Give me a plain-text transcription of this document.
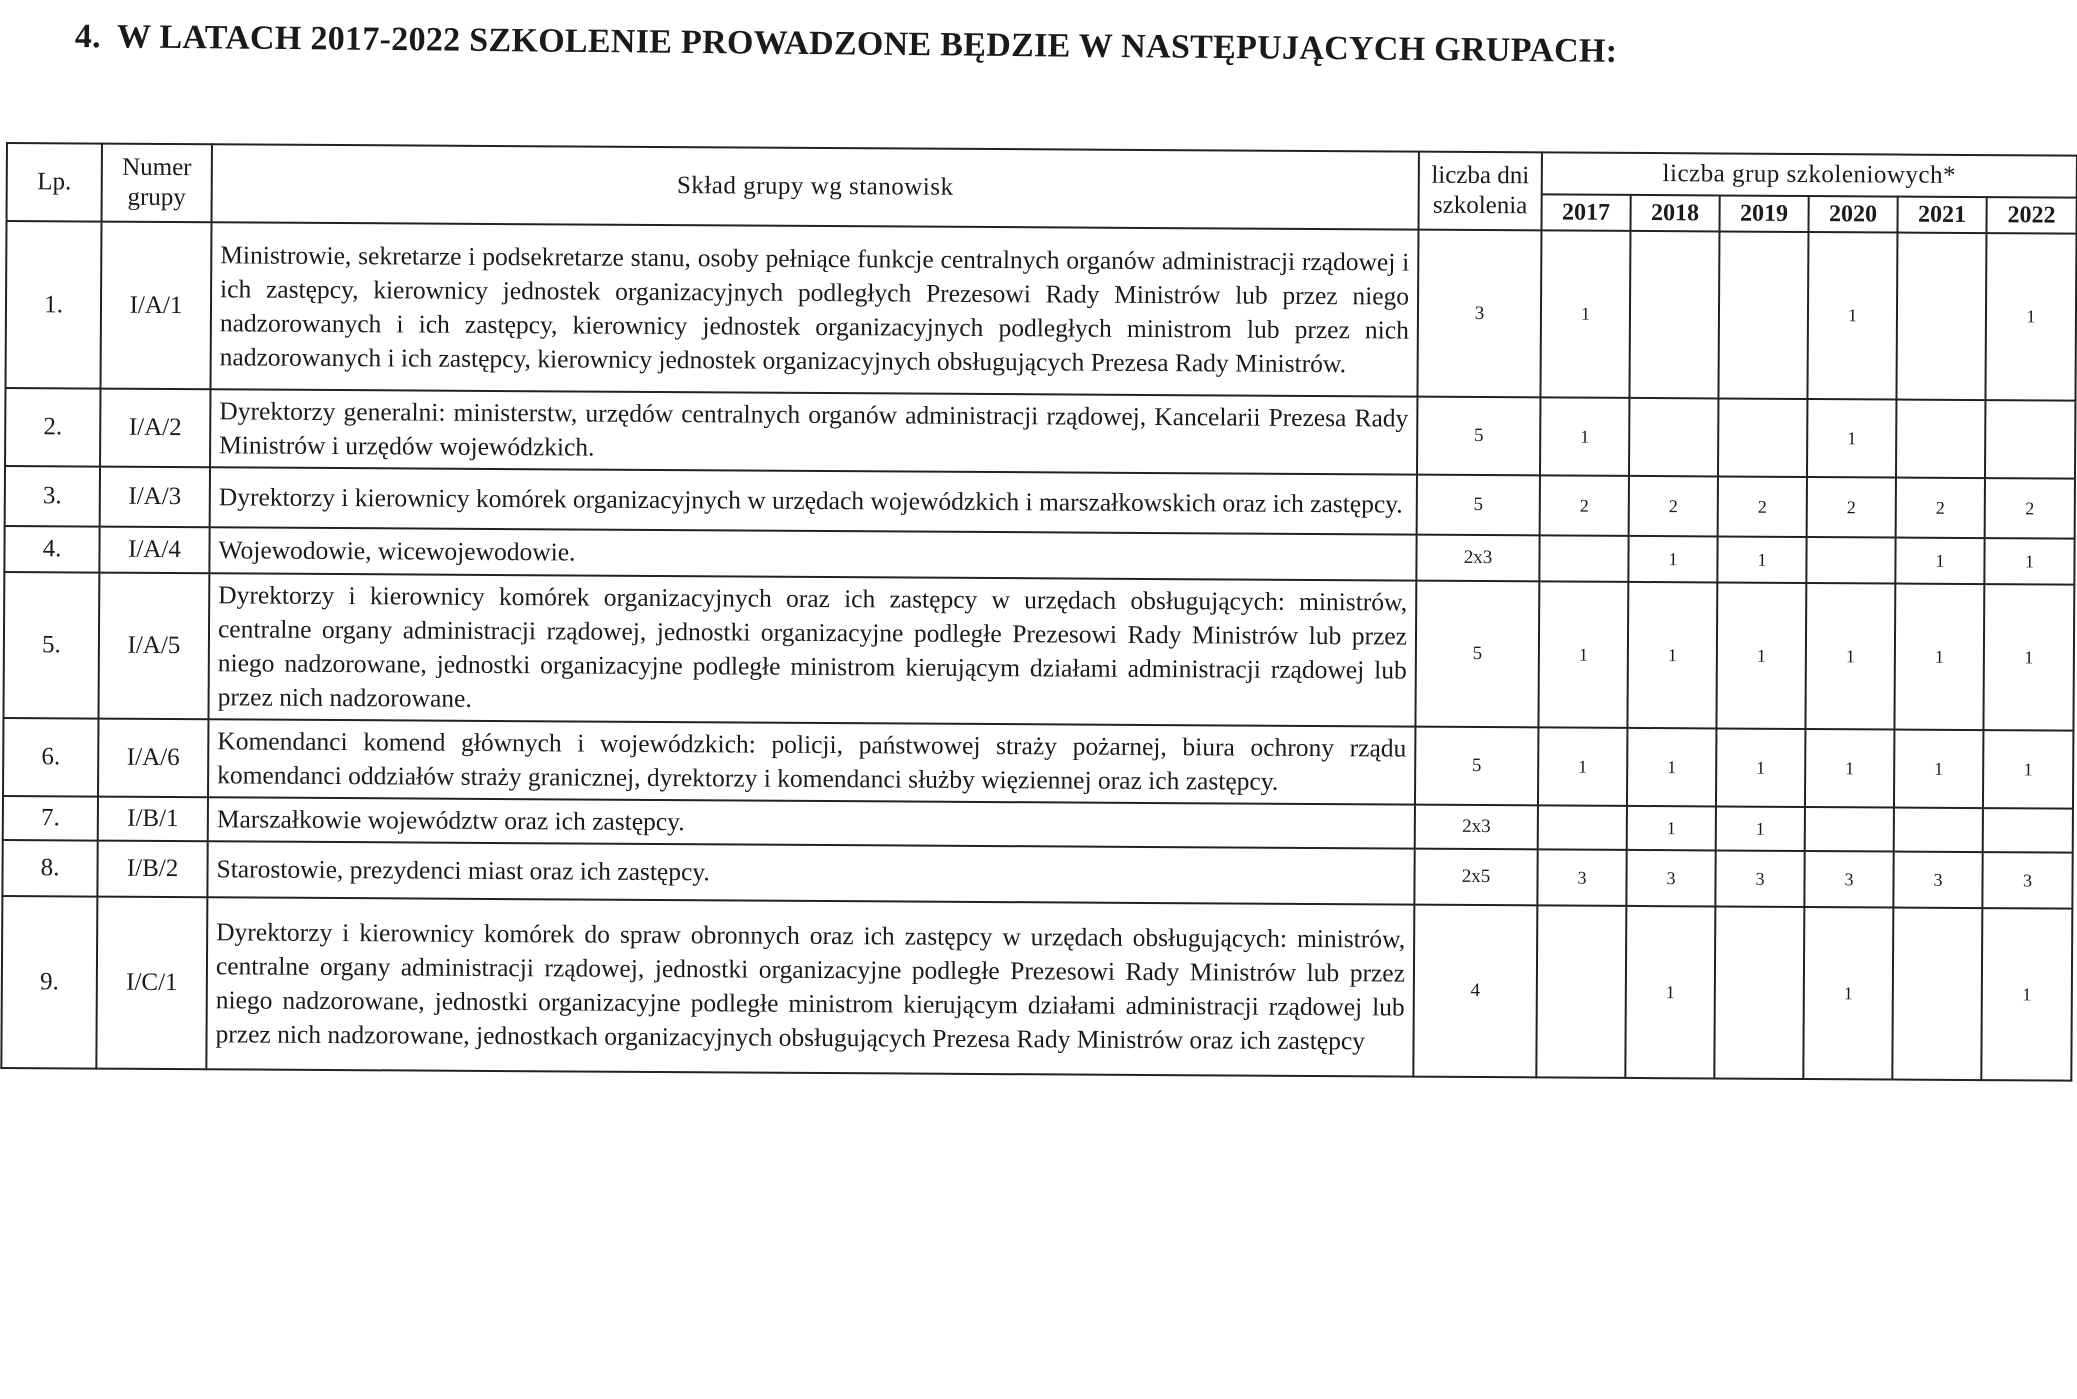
4. W LATACH 2017-2022 SZKOLENIE PROWADZONE BĘDZIE W NASTĘPUJĄCYCH GRUPACH:
Lp.	Numer grupy	Skład grupy wg stanowisk	liczba dni szkolenia	liczba grup szkoleniowych*					
				2017	2018	2019	2020	2021	2022
1.	I/A/1	Ministrowie, sekretarze i podsekretarze stanu, osoby pełniące funkcje centralnych organów administracji rządowej i ich zastępcy, kierownicy jednostek organizacyjnych podległych Prezesowi Rady Ministrów lub przez niego nadzorowanych i ich zastępcy, kierownicy jednostek organizacyjnych podległych ministrom lub przez nich nadzorowanych i ich zastępcy, kierownicy jednostek organizacyjnych obsługujących Prezesa Rady Ministrów.	3	1			1		1
2.	I/A/2	Dyrektorzy generalni: ministerstw, urzędów centralnych organów administracji rządowej, Kancelarii Prezesa Rady Ministrów i urzędów wojewódzkich.	5	1			1		
3.	I/A/3	Dyrektorzy i kierownicy komórek organizacyjnych w urzędach wojewódzkich i marszałkowskich oraz ich zastępcy.	5	2	2	2	2	2	2
4.	I/A/4	Wojewodowie, wicewojewodowie.	2x3		1	1		1	1
5.	I/A/5	Dyrektorzy i kierownicy komórek organizacyjnych oraz ich zastępcy w urzędach obsługujących: ministrów, centralne organy administracji rządowej, jednostki organizacyjne podległe Prezesowi Rady Ministrów lub przez niego nadzorowane, jednostki organizacyjne podległe ministrom kierującym działami administracji rządowej lub przez nich nadzorowane.	5	1	1	1	1	1	1
6.	I/A/6	Komendanci komend głównych i wojewódzkich: policji, państwowej straży pożarnej, biura ochrony rządu komendanci oddziałów straży granicznej, dyrektorzy i komendanci służby więziennej oraz ich zastępcy.	5	1	1	1	1	1	1
7.	I/B/1	Marszałkowie województw oraz ich zastępcy.	2x3		1	1			
8.	I/B/2	Starostowie, prezydenci miast oraz ich zastępcy.	2x5	3	3	3	3	3	3
9.	I/C/1	Dyrektorzy i kierownicy komórek do spraw obronnych oraz ich zastępcy w urzędach obsługujących: ministrów, centralne organy administracji rządowej, jednostki organizacyjne podległe Prezesowi Rady Ministrów lub przez niego nadzorowane, jednostki organizacyjne podległe ministrom kierującym działami administracji rządowej lub przez nich nadzorowane, jednostkach organizacyjnych obsługujących Prezesa Rady Ministrów oraz ich zastępcy	4		1		1		1
